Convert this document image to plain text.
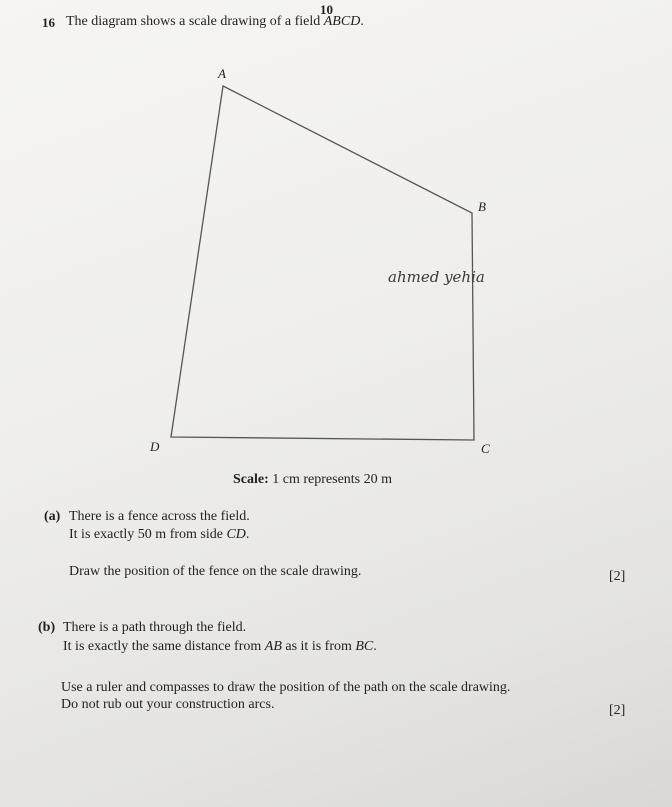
10
16 The diagram shows a scale drawing of a field ABCD.
A
B
C
D
ahmed yehia
Scale: 1 cm represents 20 m
(a) There is a fence across the field.
It is exactly 50 m from side CD.
Draw the position of the fence on the scale drawing.	[2]
(b) There is a path through the field.
It is exactly the same distance from AB as it is from BC.
Use a ruler and compasses to draw the position of the path on the scale drawing.
Do not rub out your construction arcs.	[2]
